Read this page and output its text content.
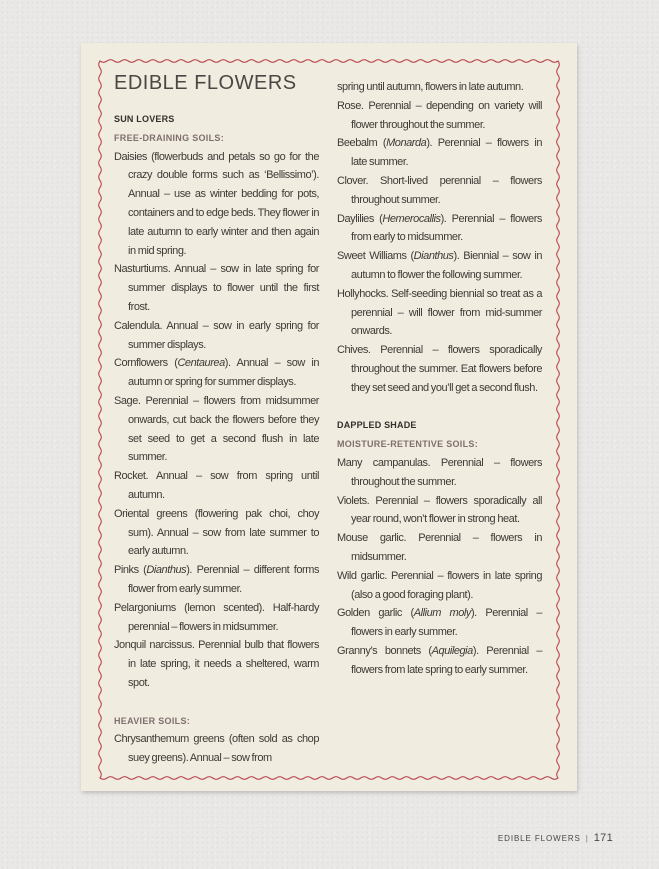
EDIBLE FLOWERS
SUN LOVERS
FREE-DRAINING SOILS:

Daisies (flowerbuds and petals so go for the crazy double forms such as ‘Bellissimo’). Annual – use as winter bedding for pots, containers and to edge beds. They flower in late autumn to early winter and then again in mid spring.

Nasturtiums. Annual – sow in late spring for summer displays to flower until the first frost.

Calendula. Annual – sow in early spring for summer displays.

Cornflowers (Centaurea). Annual – sow in autumn or spring for summer displays.

Sage. Perennial – flowers from midsummer onwards, cut back the flowers before they set seed to get a second flush in late summer.

Rocket. Annual – sow from spring until autumn.

Oriental greens (flowering pak choi, choy sum). Annual – sow from late summer to early autumn.

Pinks (Dianthus). Perennial – different forms flower from early summer.

Pelargoniums (lemon scented). Half-hardy perennial – flowers in midsummer.

Jonquil narcissus. Perennial bulb that flowers in late spring, it needs a sheltered, warm spot.

HEAVIER SOILS:

Chrysanthemum greens (often sold as chop suey greens). Annual – sow from

spring until autumn, flowers in late autumn.

Rose. Perennial – depending on variety will flower throughout the summer.

Beebalm (Monarda). Perennial – flowers in late summer.

Clover. Short-lived perennial – flowers throughout summer.

Daylilies (Hemerocallis). Perennial – flowers from early to midsummer.

Sweet Williams (Dianthus). Biennial – sow in autumn to flower the following summer.

Hollyhocks. Self-seeding biennial so treat as a perennial – will flower from mid-summer onwards.

Chives. Perennial – flowers sporadically throughout the summer. Eat flowers before they set seed and you’ll get a second flush.

DAPPLED SHADE
MOISTURE-RETENTIVE SOILS:

Many campanulas. Perennial – flowers throughout the summer.

Violets. Perennial – flowers sporadically all year round, won’t flower in strong heat.

Mouse garlic. Perennial – flowers in midsummer.

Wild garlic. Perennial – flowers in late spring (also a good foraging plant).

Golden garlic (Allium moly). Perennial – flowers in early summer.

Granny’s bonnets (Aquilegia). Perennial – flowers from late spring to early summer.

EDIBLE FLOWERS | 171
